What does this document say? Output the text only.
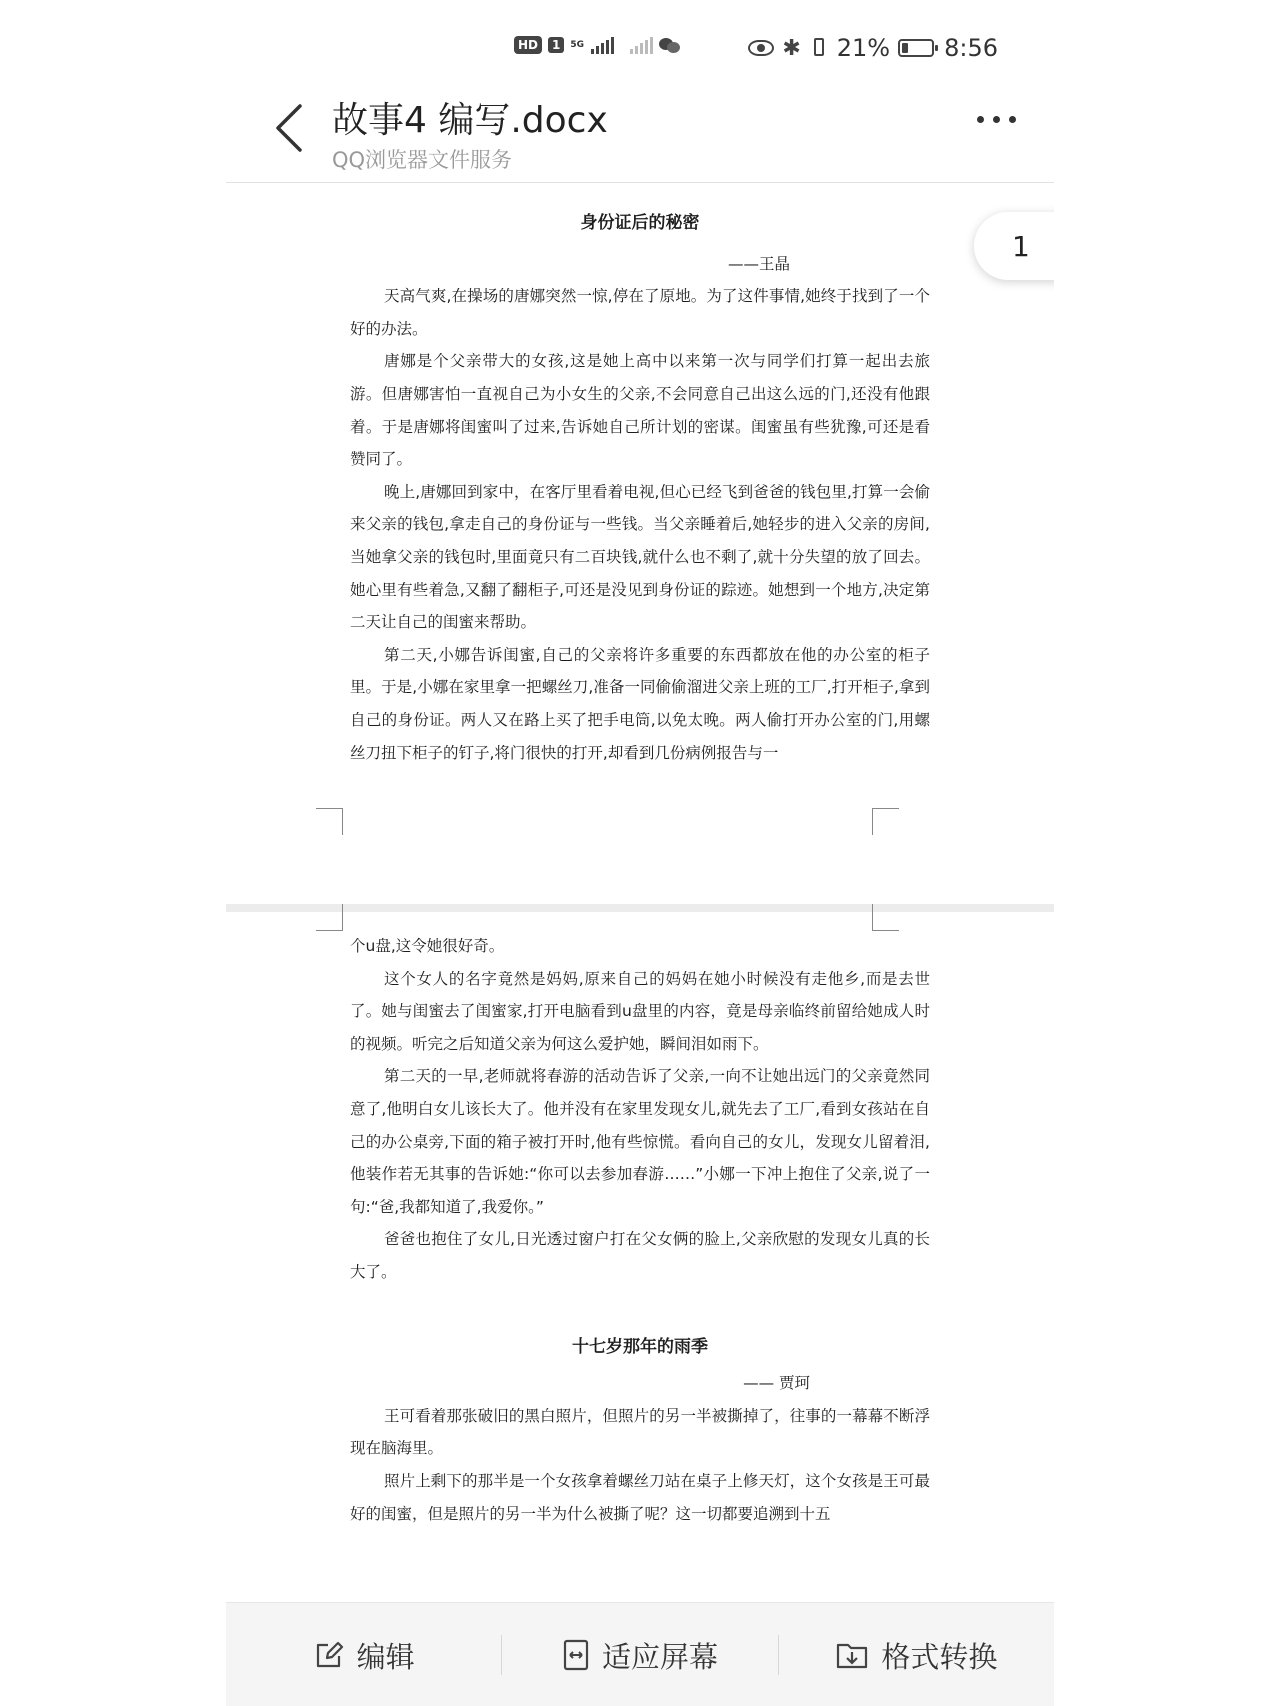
HD	1	5G	✱ 21% 8:56
故事4 编写.docx
QQ浏览器文件服务
身份证后的秘密
——王晶

天高气爽,在操场的唐娜突然一惊,停在了原地。为了这件事情,她终于找到了一个好的办法。

唐娜是个父亲带大的女孩,这是她上高中以来第一次与同学们打算一起出去旅游。但唐娜害怕一直视自己为小女生的父亲,不会同意自己出这么远的门,还没有他跟着。于是唐娜将闺蜜叫了过来,告诉她自己所计划的密谋。闺蜜虽有些犹豫,可还是看赞同了。

晚上,唐娜回到家中，在客厅里看着电视,但心已经飞到爸爸的钱包里,打算一会偷来父亲的钱包,拿走自己的身份证与一些钱。当父亲睡着后,她轻步的进入父亲的房间,当她拿父亲的钱包时,里面竟只有二百块钱,就什么也不剩了,就十分失望的放了回去。她心里有些着急,又翻了翻柜子,可还是没见到身份证的踪迹。她想到一个地方,决定第二天让自己的闺蜜来帮助。

第二天,小娜告诉闺蜜,自己的父亲将许多重要的东西都放在他的办公室的柜子里。于是,小娜在家里拿一把螺丝刀,准备一同偷偷溜进父亲上班的工厂,打开柜子,拿到自己的身份证。两人又在路上买了把手电筒,以免太晚。两人偷打开办公室的门,用螺丝刀扭下柜子的钉子,将门很快的打开,却看到几份病例报告与一

个u盘,这令她很好奇。

这个女人的名字竟然是妈妈,原来自己的妈妈在她小时候没有走他乡,而是去世了。她与闺蜜去了闺蜜家,打开电脑看到u盘里的内容，竟是母亲临终前留给她成人时的视频。听完之后知道父亲为何这么爱护她，瞬间泪如雨下。

第二天的一早,老师就将春游的活动告诉了父亲,一向不让她出远门的父亲竟然同意了,他明白女儿该长大了。他并没有在家里发现女儿,就先去了工厂,看到女孩站在自己的办公桌旁,下面的箱子被打开时,他有些惊慌。看向自己的女儿，发现女儿留着泪,他装作若无其事的告诉她:“你可以去参加春游……”小娜一下冲上抱住了父亲,说了一句:“爸,我都知道了,我爱你。”

爸爸也抱住了女儿,日光透过窗户打在父女俩的脸上,父亲欣慰的发现女儿真的长大了。

十七岁那年的雨季
—— 贾珂

王可看着那张破旧的黑白照片，但照片的另一半被撕掉了，往事的一幕幕不断浮现在脑海里。

照片上剩下的那半是一个女孩拿着螺丝刀站在桌子上修天灯，这个女孩是王可最好的闺蜜，但是照片的另一半为什么被撕了呢？这一切都要追溯到十五

1
编辑	适应屏幕	格式转换
